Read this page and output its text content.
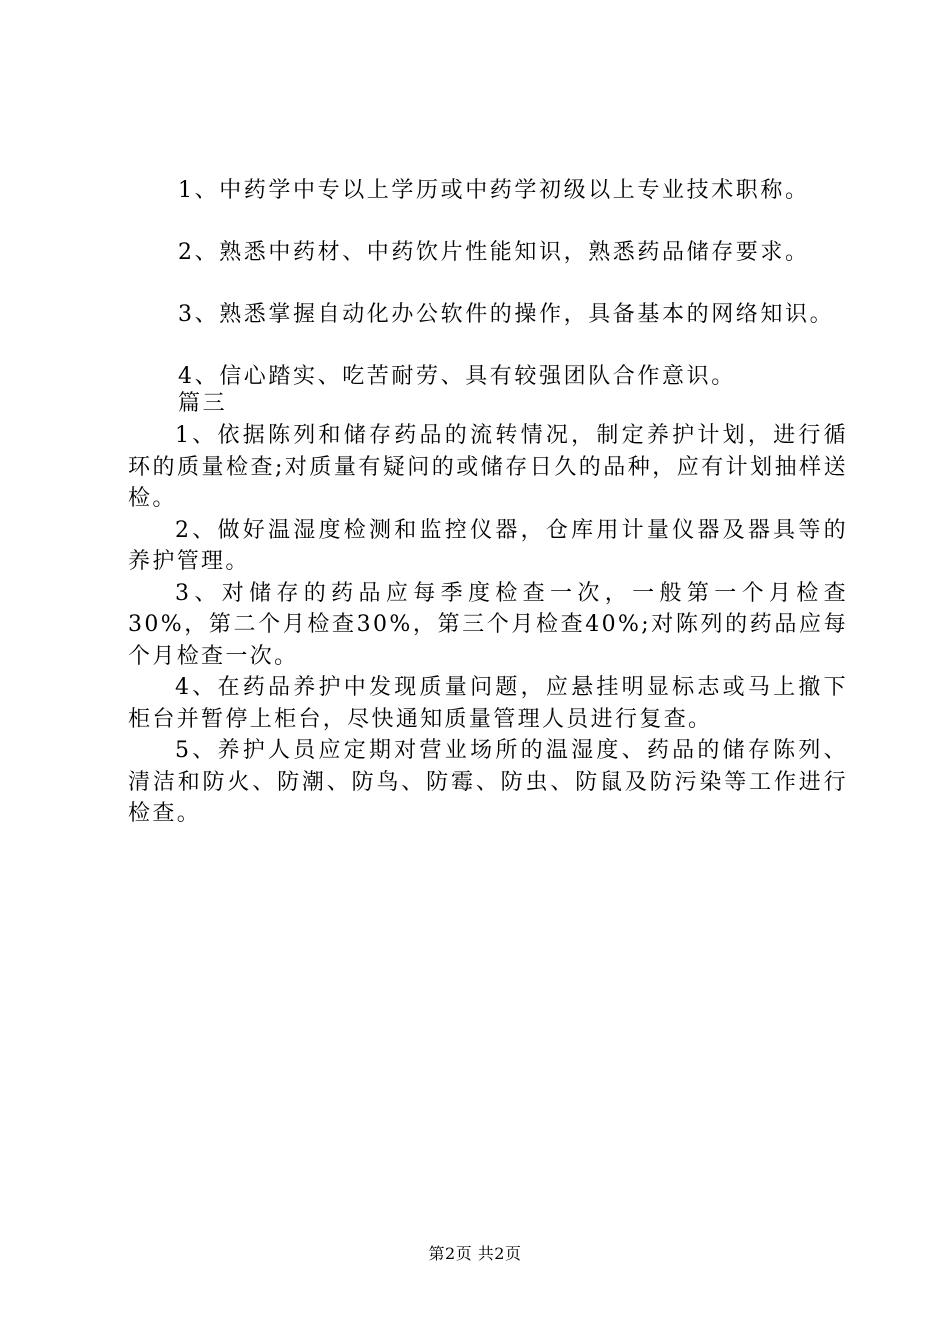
1、中药学中专以上学历或中药学初级以上专业技术职称。
2、熟悉中药材、中药饮片性能知识，熟悉药品储存要求。
3、熟悉掌握自动化办公软件的操作，具备基本的网络知识。
4、信心踏实、吃苦耐劳、具有较强团队合作意识。
篇三

1、依据陈列和储存药品的流转情况，制定养护计划，进行循环的质量检查;对质量有疑问的或储存日久的品种，应有计划抽样送检。

2、做好温湿度检测和监控仪器，仓库用计量仪器及器具等的养护管理。

3、对储存的药品应每季度检查一次，一般第一个月检查30%，第二个月检查30%，第三个月检查40%;对陈列的药品应每个月检查一次。

4、在药品养护中发现质量问题，应悬挂明显标志或马上撤下柜台并暂停上柜台，尽快通知质量管理人员进行复查。

5、养护人员应定期对营业场所的温湿度、药品的储存陈列、清洁和防火、防潮、防鸟、防霉、防虫、防鼠及防污染等工作进行检查。

第2页 共2页
